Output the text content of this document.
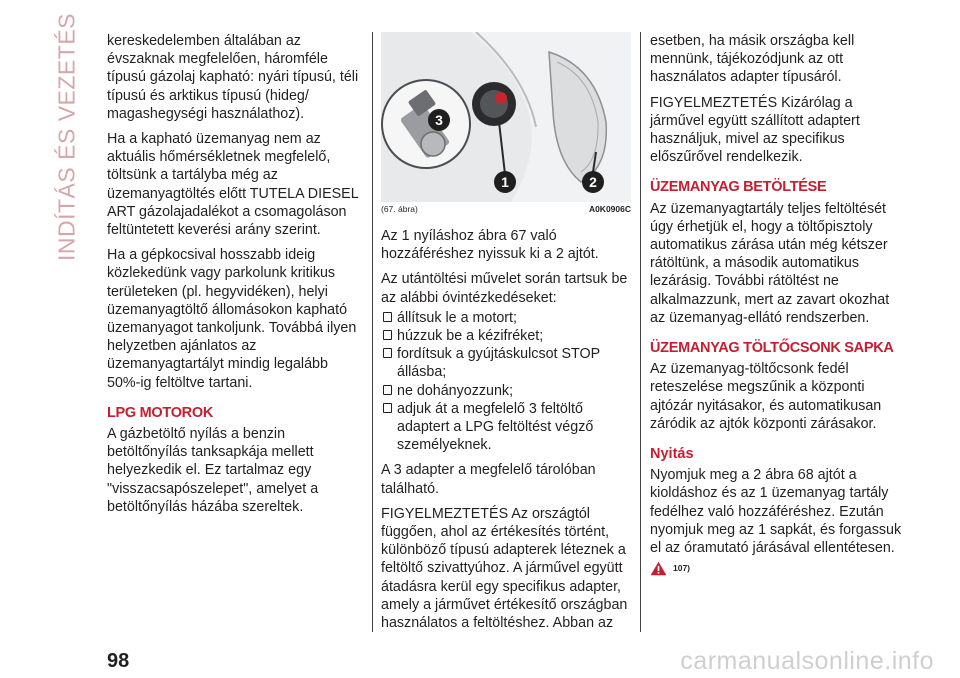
INDÍTÁS ÉS VEZETÉS kereskedelemben általában az évszaknak megfelelően, háromféle típusú gázolaj kapható: nyári típusú, téli típusú és arktikus típusú (hideg/ magashegységi használathoz).

Ha a kapható üzemanyag nem az aktuális hőmérsékletnek megfelelő, töltsünk a tartályba még az üzemanyagtöltés előtt TUTELA DIESEL ART gázolajadalékot a csomagoláson feltüntetett keverési arány szerint.

Ha a gépkocsival hosszabb ideig közlekedünk vagy parkolunk kritikus területeken (pl. hegyvidéken), helyi üzemanyagtöltő állomásokon kapható üzemanyagot tankoljunk. Továbbá ilyen helyzetben ajánlatos az üzemanyagtartályt mindig legalább 50%-ig feltöltve tartani.

LPG MOTOROK

A gázbetöltő nyílás a benzin betöltőnyílás tanksapkája mellett helyezkedik el. Ez tartalmaz egy "visszacsapószelepet", amelyet a betöltőnyílás házába szereltek.

3
1	2
(67. ábra)	A0K0906C

Az 1 nyíláshoz ábra 67 való hozzáféréshez nyissuk ki a 2 ajtót.

Az utántöltési művelet során tartsuk be az alábbi óvintézkedéseket:

állítsuk le a motort;
húzzuk be a kézifréket;
fordítsuk a gyújtáskulcsot STOP állásba;
ne dohányozzunk;
adjuk át a megfelelő 3 feltöltő adaptert a LPG feltöltést végző személyeknek.

A 3 adapter a megfelelő tárolóban található.

FIGYELMEZTETÉS Az országtól függően, ahol az értékesítés történt, különböző típusú adapterek léteznek a feltöltő szivattyúhoz. A járművel együtt átadásra kerül egy specifikus adapter, amely a járművet értékesítő országban használatos a feltöltéshez. Abban az

esetben, ha másik országba kell mennünk, tájékozódjunk az ott használatos adapter típusáról.

FIGYELMEZTETÉS Kizárólag a járművel együtt szállított adaptert használjuk, mivel az specifikus előszűrővel rendelkezik.

ÜZEMANYAG BETÖLTÉSE

Az üzemanyagtartály teljes feltöltését úgy érhetjük el, hogy a töltőpisztoly automatikus zárása után még kétszer rátöltünk, a második automatikus lezárásig. További rátöltést ne alkalmazzunk, mert az zavart okozhat az üzemanyag-ellátó rendszerben.

ÜZEMANYAG TÖLTŐCSONK SAPKA

Az üzemanyag-töltőcsonk fedél reteszelése megszűnik a központi ajtózár nyitásakor, és automatikusan záródik az ajtók központi zárásakor.

Nyitás

Nyomjuk meg a 2 ábra 68 ajtót a kioldáshoz és az 1 üzemanyag tartály fedélhez való hozzáféréshez. Ezután nyomjuk meg az 1 sapkát, és forgassuk el az óramutató járásával ellentétesen.

107)
98	carmanualsonline.info
